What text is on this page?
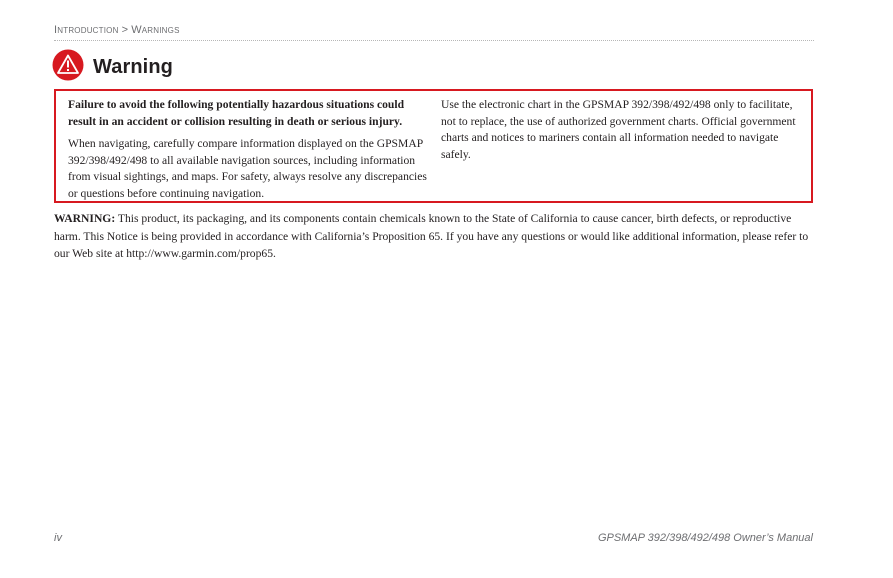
Introduction > Warnings
Warning

Failure to avoid the following potentially hazardous situations could result in an accident or collision resulting in death or serious injury.

When navigating, carefully compare information displayed on the GPSMAP 392/398/492/498 to all available navigation sources, including information from visual sightings, and maps. For safety, always resolve any discrepancies or questions before continuing navigation.

Use the electronic chart in the GPSMAP 392/398/492/498 only to facilitate, not to replace, the use of authorized government charts. Official government charts and notices to mariners contain all information needed to navigate safely.

WARNING: This product, its packaging, and its components contain chemicals known to the State of California to cause cancer, birth defects, or reproductive harm. This Notice is being provided in accordance with California’s Proposition 65. If you have any questions or would like additional information, please refer to our Web site at http://www.garmin.com/prop65.
iv	GPSMAP 392/398/492/498 Owner’s Manual
